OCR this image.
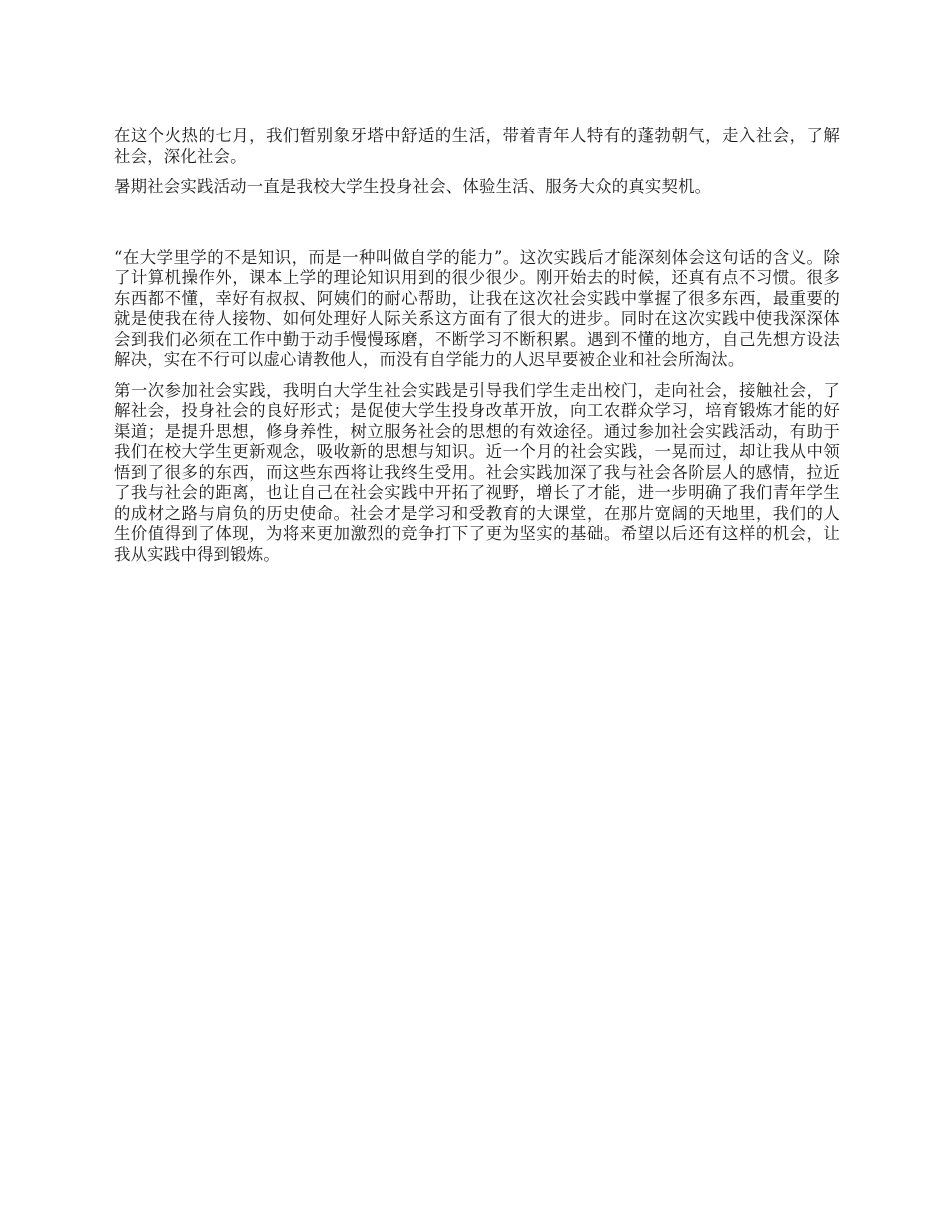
在这个火热的七月，我们暂别象牙塔中舒适的生活，带着青年人特有的蓬勃朝气，走入社会，了解社会，深化社会。

暑期社会实践活动一直是我校大学生投身社会、体验生活、服务大众的真实契机。

“在大学里学的不是知识，而是一种叫做自学的能力”。这次实践后才能深刻体会这句话的含义。除了计算机操作外，课本上学的理论知识用到的很少很少。刚开始去的时候，还真有点不习惯。很多东西都不懂，幸好有叔叔、阿姨们的耐心帮助，让我在这次社会实践中掌握了很多东西，最重要的就是使我在待人接物、如何处理好人际关系这方面有了很大的进步。同时在这次实践中使我深深体会到我们必须在工作中勤于动手慢慢琢磨，不断学习不断积累。遇到不懂的地方，自己先想方设法解决，实在不行可以虚心请教他人，而没有自学能力的人迟早要被企业和社会所淘汰。

第一次参加社会实践，我明白大学生社会实践是引导我们学生走出校门，走向社会，接触社会，了解社会，投身社会的良好形式；是促使大学生投身改革开放，向工农群众学习，培育锻炼才能的好渠道；是提升思想，修身养性，树立服务社会的思想的有效途径。通过参加社会实践活动，有助于我们在校大学生更新观念，吸收新的思想与知识。近一个月的社会实践，一晃而过，却让我从中领悟到了很多的东西，而这些东西将让我终生受用。社会实践加深了我与社会各阶层人的感情，拉近了我与社会的距离，也让自己在社会实践中开拓了视野，增长了才能，进一步明确了我们青年学生的成材之路与肩负的历史使命。社会才是学习和受教育的大课堂，在那片宽阔的天地里，我们的人生价值得到了体现，为将来更加激烈的竞争打下了更为坚实的基础。希望以后还有这样的机会，让我从实践中得到锻炼。
